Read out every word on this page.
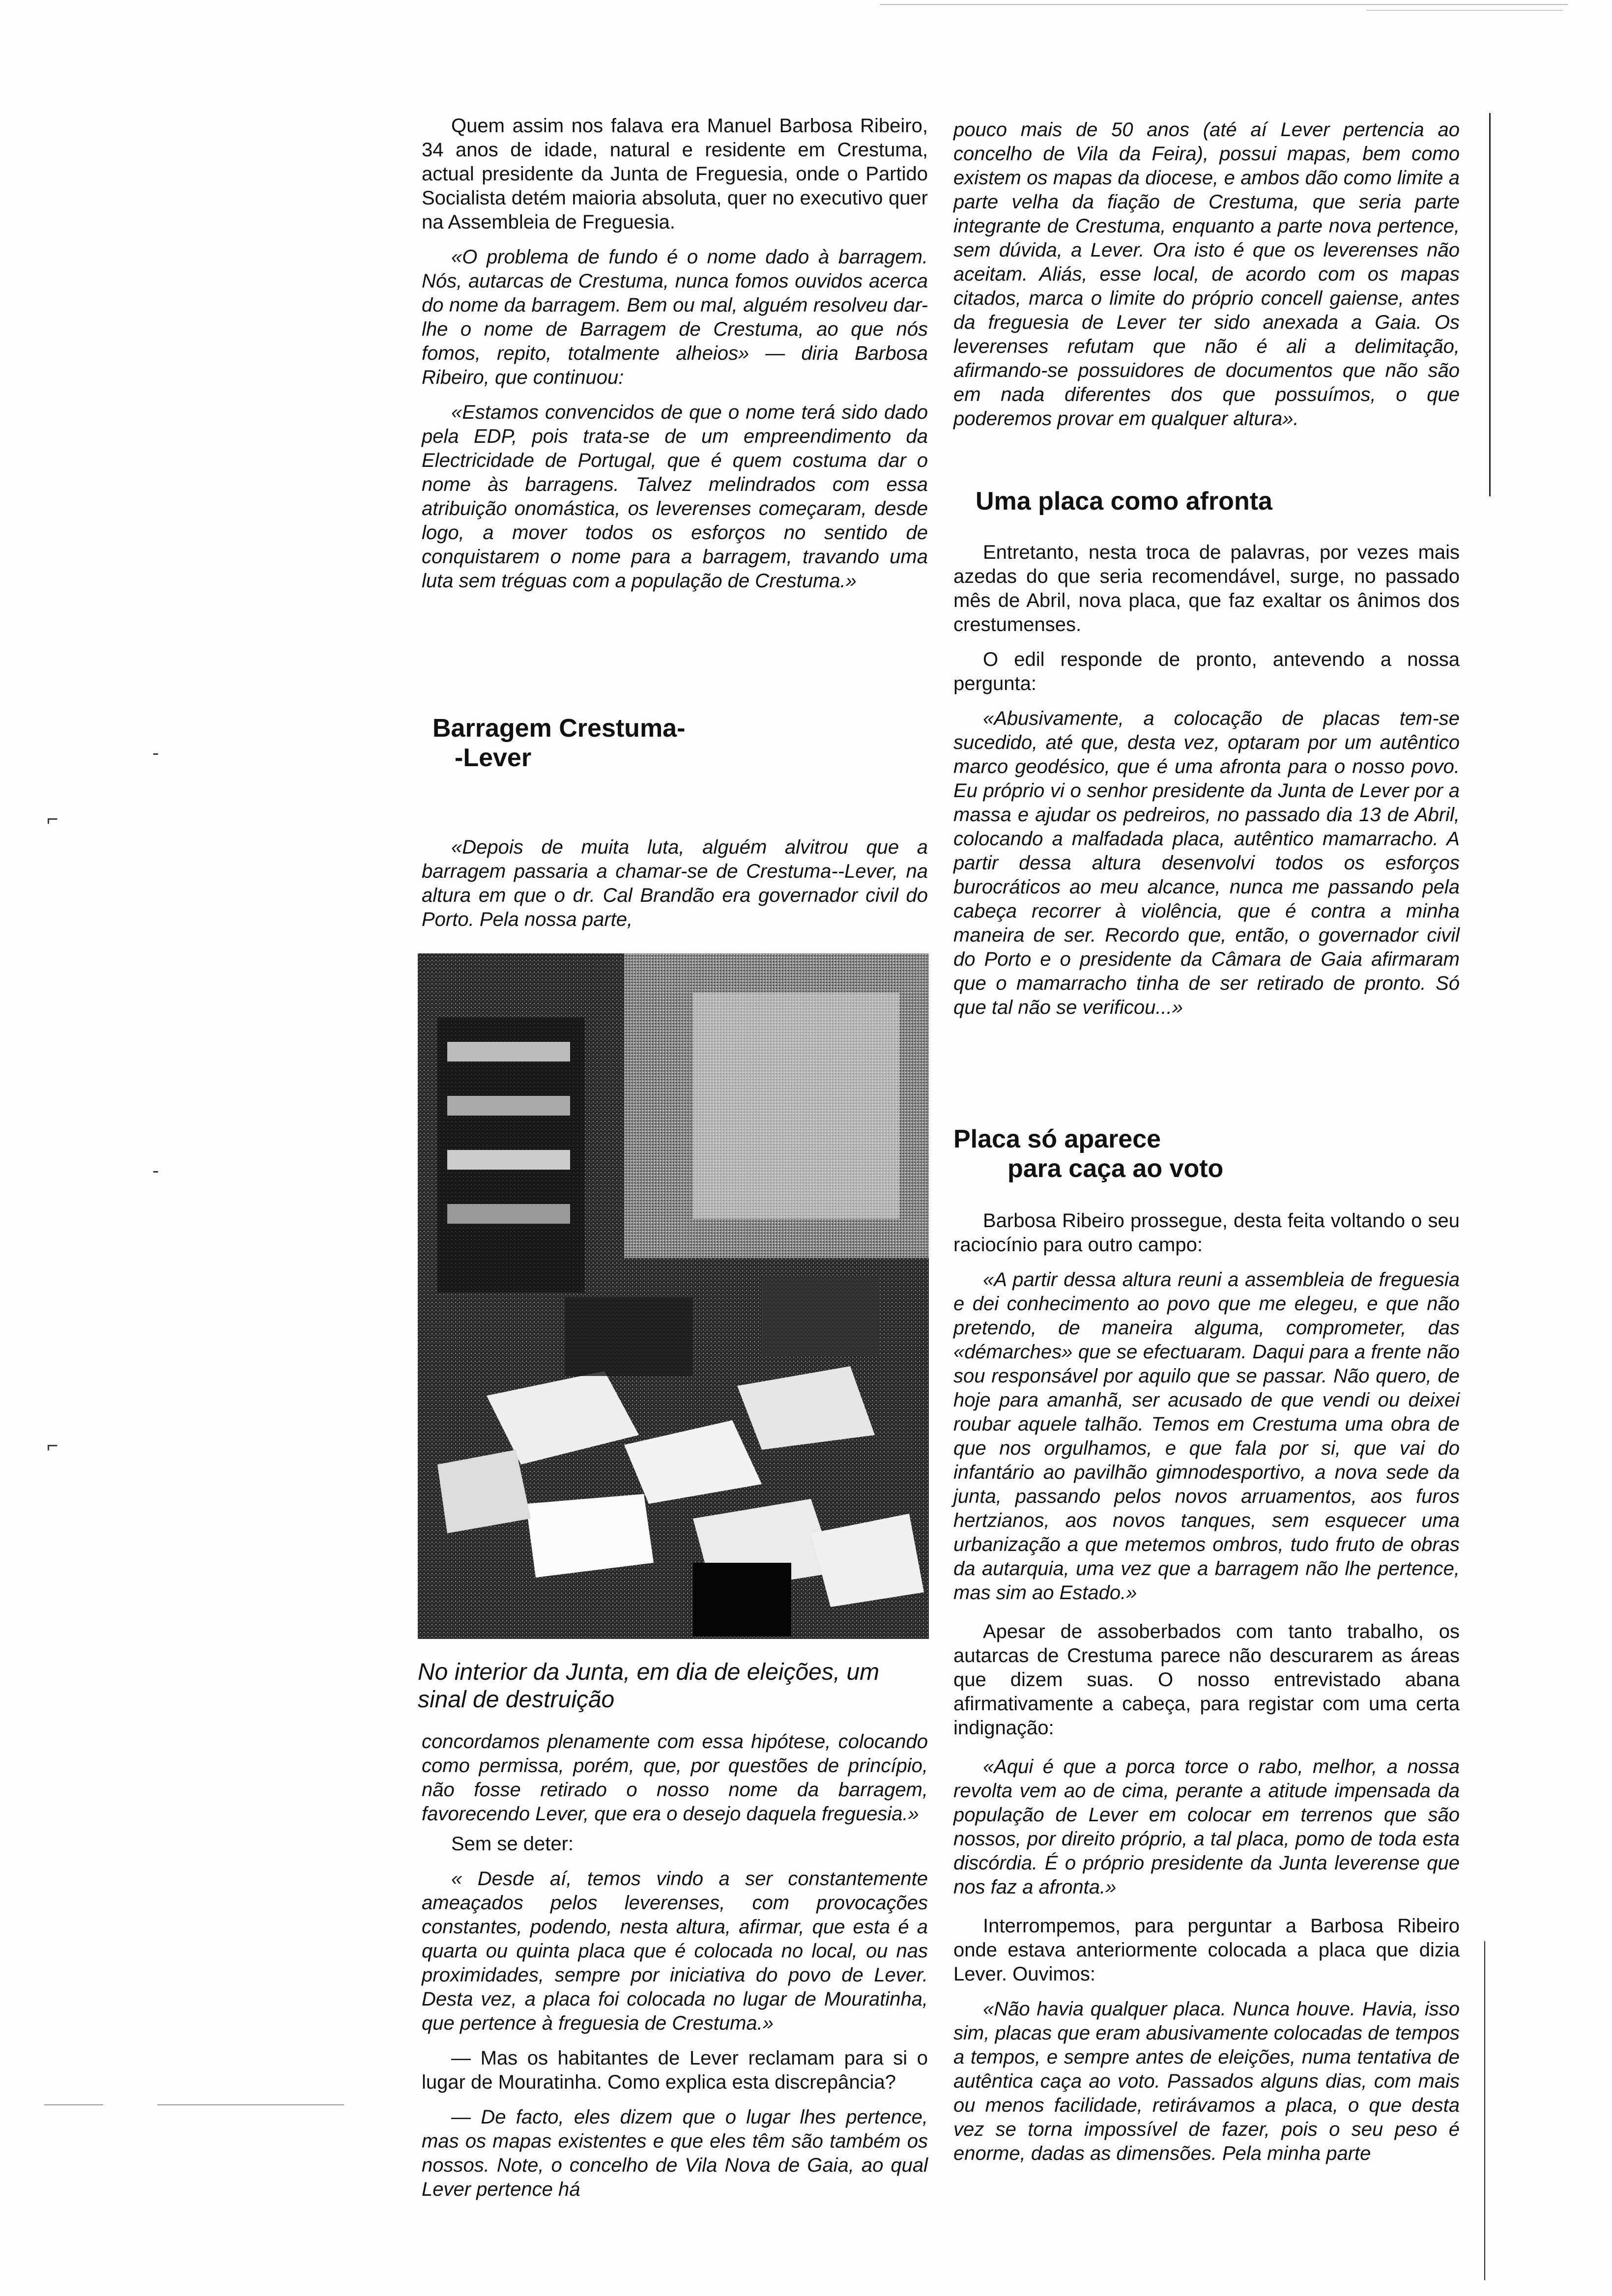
Quem assim nos falava era Manuel Barbosa Ribeiro, 34 anos de idade, natural e residente em Crestuma, actual presidente da Junta de Freguesia, onde o Partido Socialista detém maioria absoluta, quer no executivo quer na Assembleia de Freguesia.

«O problema de fundo é o nome dado à barragem. Nós, autarcas de Crestuma, nunca fomos ouvidos acerca do nome da barragem. Bem ou mal, alguém resolveu dar-lhe o nome de Barragem de Crestuma, ao que nós fomos, repito, totalmente alheios» — diria Barbosa Ribeiro, que continuou:

«Estamos convencidos de que o nome terá sido dado pela EDP, pois trata-se de um empreendimento da Electricidade de Portugal, que é quem costuma dar o nome às barragens. Talvez melindrados com essa atribuição onomástica, os leverenses começaram, desde logo, a mover todos os esforços no sentido de conquistarem o nome para a barragem, travando uma luta sem tréguas com a população de Crestuma.»

Barragem Crestuma-
-Lever

«Depois de muita luta, alguém alvitrou que a barragem passaria a chamar-se de Crestuma--Lever, na altura em que o dr. Cal Brandão era governador civil do Porto. Pela nossa parte,

No interior da Junta, em dia de eleições, um sinal de destruição

concordamos plenamente com essa hipótese, colocando como permissa, porém, que, por questões de princípio, não fosse retirado o nosso nome da barragem, favorecendo Lever, que era o desejo daquela freguesia.»

Sem se deter:

« Desde aí, temos vindo a ser constantemente ameaçados pelos leverenses, com provocações constantes, podendo, nesta altura, afirmar, que esta é a quarta ou quinta placa que é colocada no local, ou nas proximidades, sempre por iniciativa do povo de Lever. Desta vez, a placa foi colocada no lugar de Mouratinha, que pertence à freguesia de Crestuma.»

— Mas os habitantes de Lever reclamam para si o lugar de Mouratinha. Como explica esta discrepância?

— De facto, eles dizem que o lugar lhes pertence, mas os mapas existentes e que eles têm são também os nossos. Note, o concelho de Vila Nova de Gaia, ao qual Lever pertence há

pouco mais de 50 anos (até aí Lever pertencia ao concelho de Vila da Feira), possui mapas, bem como existem os mapas da diocese, e ambos dão como limite a parte velha da fiação de Crestuma, que seria parte integrante de Crestuma, enquanto a parte nova pertence, sem dúvida, a Lever. Ora isto é que os leverenses não aceitam. Aliás, esse local, de acordo com os mapas citados, marca o limite do próprio concell gaiense, antes da freguesia de Lever ter sido anexada a Gaia. Os leverenses refutam que não é ali a delimitação, afirmando-se possuidores de documentos que não são em nada diferentes dos que possuímos, o que poderemos provar em qualquer altura».

Uma placa como afronta

Entretanto, nesta troca de palavras, por vezes mais azedas do que seria recomendável, surge, no passado mês de Abril, nova placa, que faz exaltar os ânimos dos crestumenses.

O edil responde de pronto, antevendo a nossa pergunta:

«Abusivamente, a colocação de placas tem-se sucedido, até que, desta vez, optaram por um autêntico marco geodésico, que é uma afronta para o nosso povo. Eu próprio vi o senhor presidente da Junta de Lever por a massa e ajudar os pedreiros, no passado dia 13 de Abril, colocando a malfadada placa, autêntico mamarracho. A partir dessa altura desenvolvi todos os esforços burocráticos ao meu alcance, nunca me passando pela cabeça recorrer à violência, que é contra a minha maneira de ser. Recordo que, então, o governador civil do Porto e o presidente da Câmara de Gaia afirmaram que o mamarracho tinha de ser retirado de pronto. Só que tal não se verificou...»

Placa só aparece
para caça ao voto

Barbosa Ribeiro prossegue, desta feita voltando o seu raciocínio para outro campo:

«A partir dessa altura reuni a assembleia de freguesia e dei conhecimento ao povo que me elegeu, e que não pretendo, de maneira alguma, comprometer, das «démarches» que se efectuaram. Daqui para a frente não sou responsável por aquilo que se passar. Não quero, de hoje para amanhã, ser acusado de que vendi ou deixei roubar aquele talhão. Temos em Crestuma uma obra de que nos orgulhamos, e que fala por si, que vai do infantário ao pavilhão gimnodesportivo, a nova sede da junta, passando pelos novos arruamentos, aos furos hertzianos, aos novos tanques, sem esquecer uma urbanização a que metemos ombros, tudo fruto de obras da autarquia, uma vez que a barragem não lhe pertence, mas sim ao Estado.»

Apesar de assoberbados com tanto trabalho, os autarcas de Crestuma parece não descurarem as áreas que dizem suas. O nosso entrevistado abana afirmativamente a cabeça, para registar com uma certa indignação:

«Aqui é que a porca torce o rabo, melhor, a nossa revolta vem ao de cima, perante a atitude impensada da população de Lever em colocar em terrenos que são nossos, por direito próprio, a tal placa, pomo de toda esta discórdia. É o próprio presidente da Junta leverense que nos faz a afronta.»

Interrompemos, para perguntar a Barbosa Ribeiro onde estava anteriormente colocada a placa que dizia Lever. Ouvimos:

«Não havia qualquer placa. Nunca houve. Havia, isso sim, placas que eram abusivamente colocadas de tempos a tempos, e sempre antes de eleições, numa tentativa de autêntica caça ao voto. Passados alguns dias, com mais ou menos facilidade, retirávamos a placa, o que desta vez se torna impossível de fazer, pois o seu peso é enorme, dadas as dimensões. Pela minha parte

⌐
⌐
-
-
